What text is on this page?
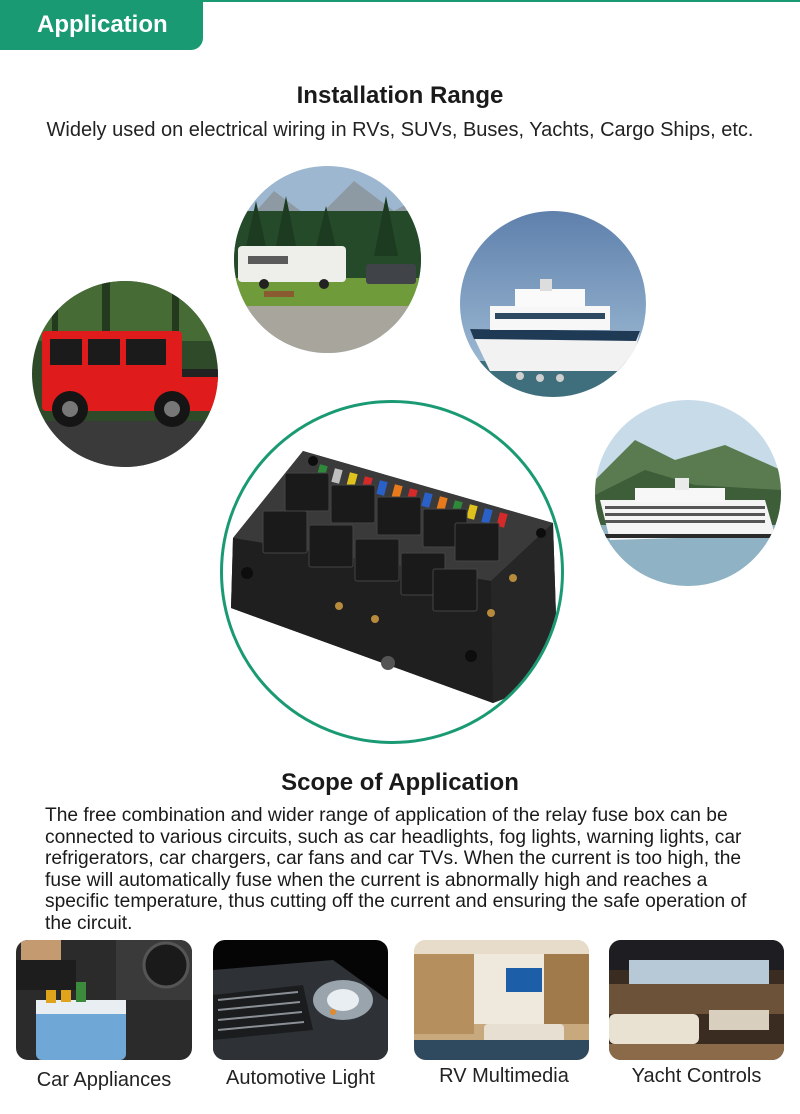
Application
Installation Range
Widely used on electrical wiring in RVs, SUVs, Buses, Yachts, Cargo Ships, etc.
Scope of Application
The free combination and wider range of application of the relay fuse box can be connected to various circuits, such as car headlights, fog lights, warning lights, car refrigerators, car chargers, car fans and car TVs. When the current is too high, the fuse will automatically fuse when the current is abnormally high and reaches a specific temperature, thus cutting off the current and ensuring the safe operation of the circuit.
Car Appliances	Automotive Light	RV Multimedia	Yacht Controls
